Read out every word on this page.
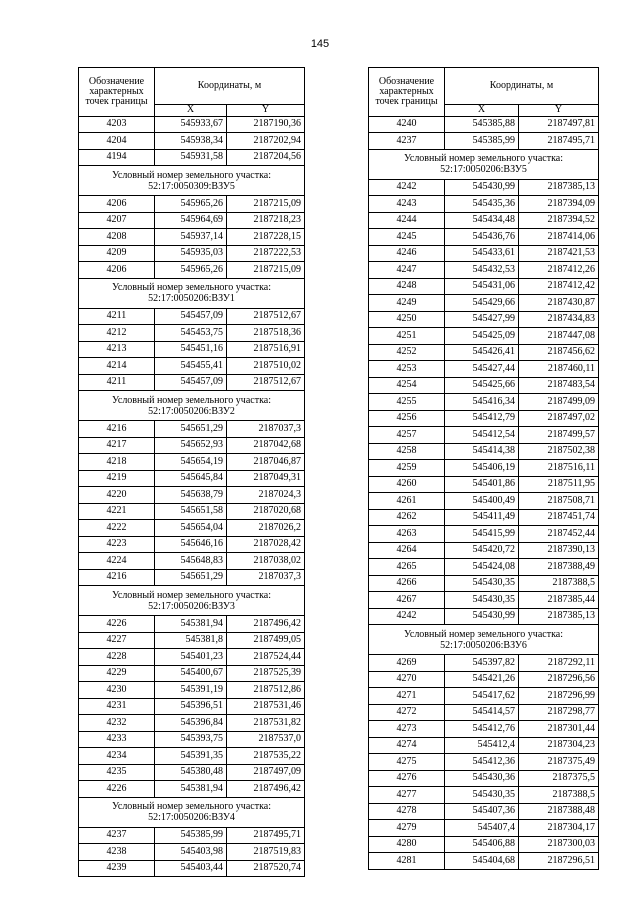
145
Обозначение характерных точек границы	Координаты, м	
	X	Y
4203	545933,67	2187190,36
4204	545938,34	2187202,94
4194	545931,58	2187204,56
Условный номер земельного участка: 52:17:0050309:ВЗУ5		
4206	545965,26	2187215,09
4207	545964,69	2187218,23
4208	545937,14	2187228,15
4209	545935,03	2187222,53
4206	545965,26	2187215,09
Условный номер земельного участка: 52:17:0050206:ВЗУ1		
4211	545457,09	2187512,67
4212	545453,75	2187518,36
4213	545451,16	2187516,91
4214	545455,41	2187510,02
4211	545457,09	2187512,67
Условный номер земельного участка: 52:17:0050206:ВЗУ2		
4216	545651,29	2187037,3
4217	545652,93	2187042,68
4218	545654,19	2187046,87
4219	545645,84	2187049,31
4220	545638,79	2187024,3
4221	545651,58	2187020,68
4222	545654,04	2187026,2
4223	545646,16	2187028,42
4224	545648,83	2187038,02
4216	545651,29	2187037,3
Условный номер земельного участка: 52:17:0050206:ВЗУ3		
4226	545381,94	2187496,42
4227	545381,8	2187499,05
4228	545401,23	2187524,44
4229	545400,67	2187525,39
4230	545391,19	2187512,86
4231	545396,51	2187531,46
4232	545396,84	2187531,82
4233	545393,75	2187537,0
4234	545391,35	2187535,22
4235	545380,48	2187497,09
4226	545381,94	2187496,42
Условный номер земельного участка: 52:17:0050206:ВЗУ4		
4237	545385,99	2187495,71
4238	545403,98	2187519,83
4239	545403,44	2187520,74
Обозначение характерных точек границы	Координаты, м	
	X	Y
4240	545385,88	2187497,81
4237	545385,99	2187495,71
Условный номер земельного участка: 52:17:0050206:ВЗУ5		
4242	545430,99	2187385,13
4243	545435,36	2187394,09
4244	545434,48	2187394,52
4245	545436,76	2187414,06
4246	545433,61	2187421,53
4247	545432,53	2187412,26
4248	545431,06	2187412,42
4249	545429,66	2187430,87
4250	545427,99	2187434,83
4251	545425,09	2187447,08
4252	545426,41	2187456,62
4253	545427,44	2187460,11
4254	545425,66	2187483,54
4255	545416,34	2187499,09
4256	545412,79	2187497,02
4257	545412,54	2187499,57
4258	545414,38	2187502,38
4259	545406,19	2187516,11
4260	545401,86	2187511,95
4261	545400,49	2187508,71
4262	545411,49	2187451,74
4263	545415,99	2187452,44
4264	545420,72	2187390,13
4265	545424,08	2187388,49
4266	545430,35	2187388,5
4267	545430,35	2187385,44
4242	545430,99	2187385,13
Условный номер земельного участка: 52:17:0050206:ВЗУ6		
4269	545397,82	2187292,11
4270	545421,26	2187296,56
4271	545417,62	2187296,99
4272	545414,57	2187298,77
4273	545412,76	2187301,44
4274	545412,4	2187304,23
4275	545412,36	2187375,49
4276	545430,36	2187375,5
4277	545430,35	2187388,5
4278	545407,36	2187388,48
4279	545407,4	2187304,17
4280	545406,88	2187300,03
4281	545404,68	2187296,51
